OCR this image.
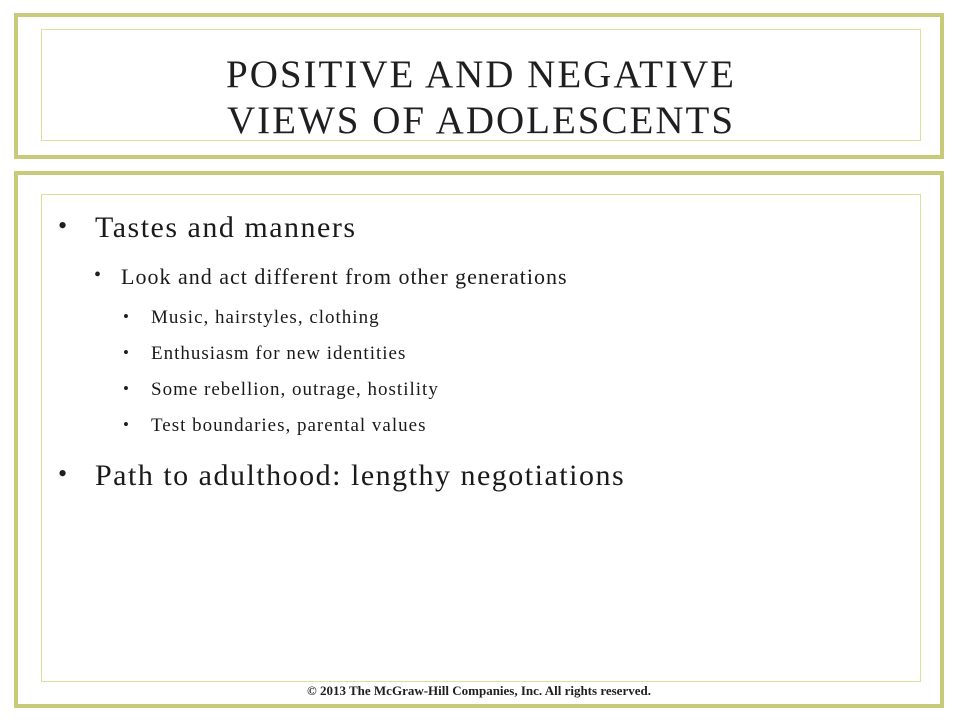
POSITIVE AND NEGATIVE
VIEWS OF ADOLESCENTS
• Tastes and manners
• Look and act different from other generations
• Music, hairstyles, clothing
• Enthusiasm for new identities
• Some rebellion, outrage, hostility
• Test boundaries, parental values
• Path to adulthood: lengthy negotiations
© 2013 The McGraw-Hill Companies, Inc. All rights reserved.
